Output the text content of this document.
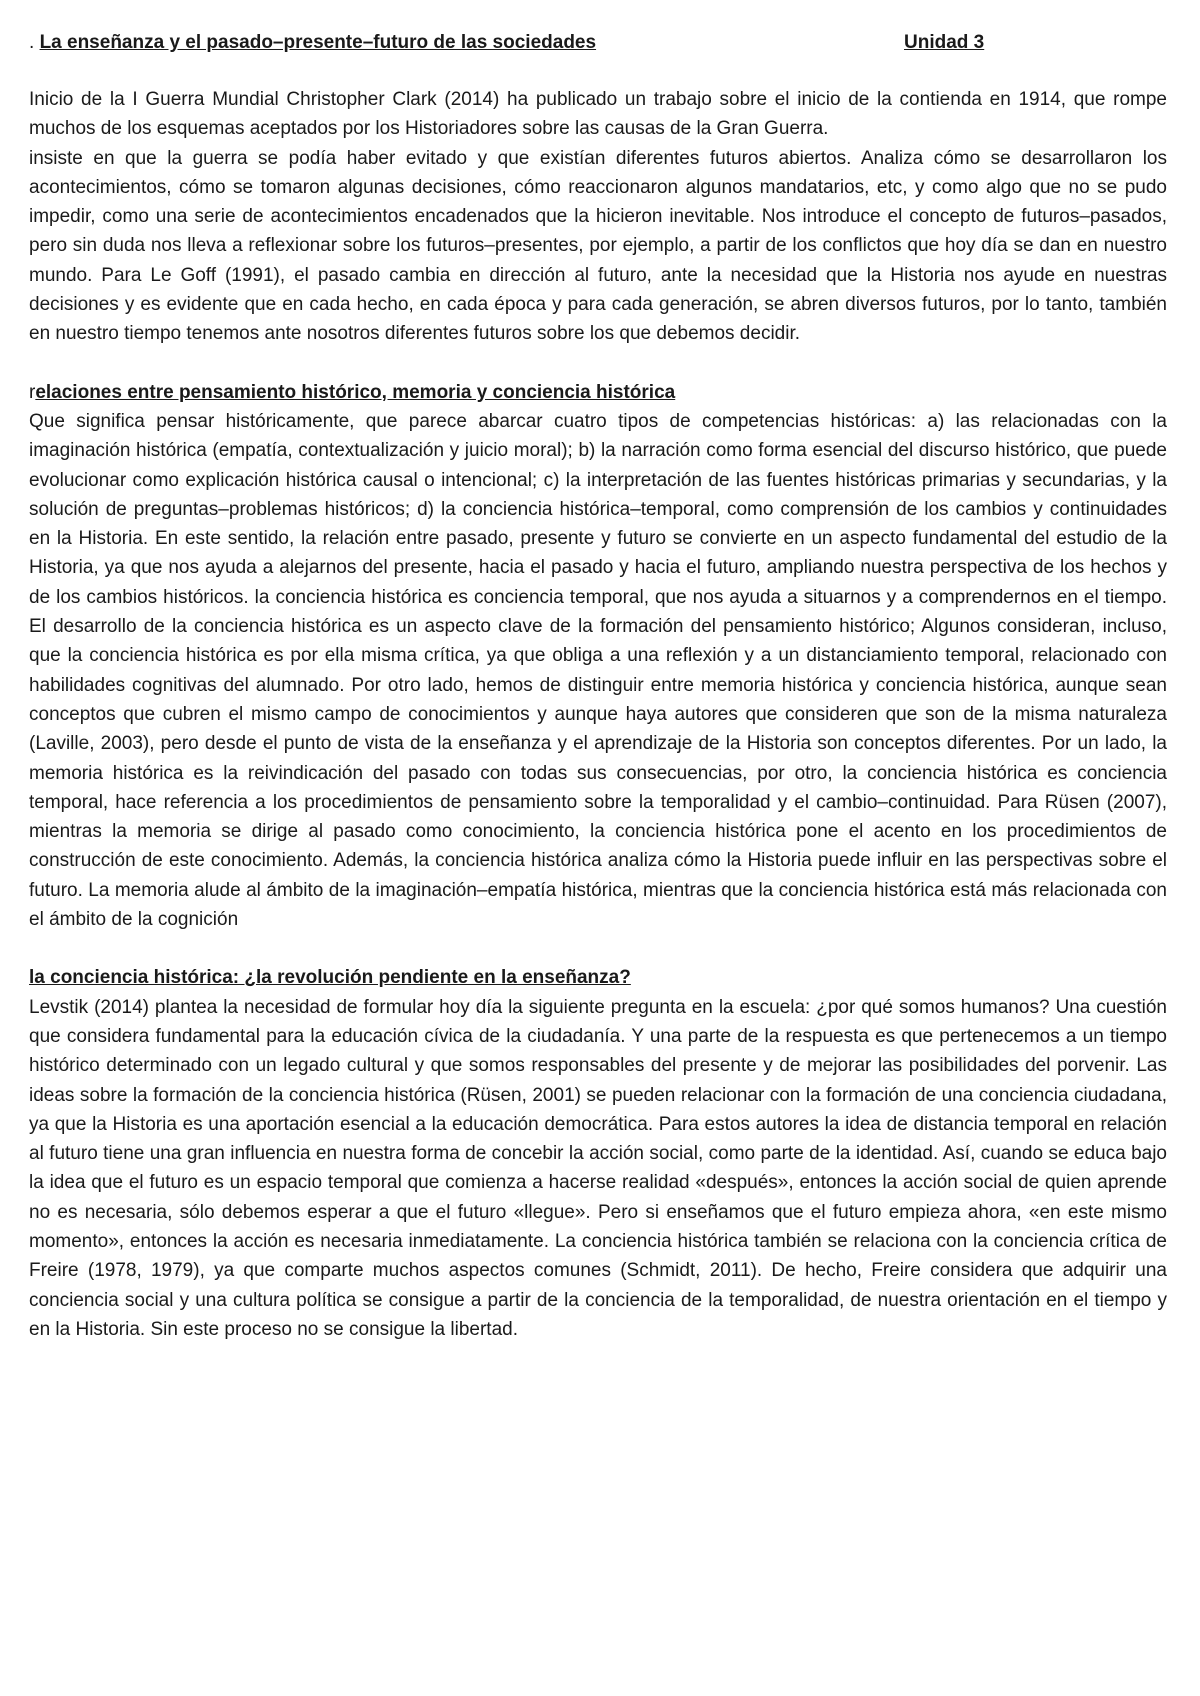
. La enseñanza y el pasado–presente–futuro de las sociedades	Unidad 3

Inicio de la I Guerra Mundial Christopher Clark (2014) ha publicado un trabajo sobre el inicio de la contienda en 1914, que rompe muchos de los esquemas aceptados por los Historiadores sobre las causas de la Gran Guerra.

insiste en que la guerra se podía haber evitado y que existían diferentes futuros abiertos. Analiza cómo se desarrollaron los acontecimientos, cómo se tomaron algunas decisiones, cómo reaccionaron algunos mandatarios, etc, y como algo que no se pudo impedir, como una serie de acontecimientos encadenados que la hicieron inevitable. Nos introduce el concepto de futuros–pasados, pero sin duda nos lleva a reflexionar sobre los futuros–presentes, por ejemplo, a partir de los conflictos que hoy día se dan en nuestro mundo. Para Le Goff (1991), el pasado cambia en dirección al futuro, ante la necesidad que la Historia nos ayude en nuestras decisiones y es evidente que en cada hecho, en cada época y para cada generación, se abren diversos futuros, por lo tanto, también en nuestro tiempo tenemos ante nosotros diferentes futuros sobre los que debemos decidir.

relaciones entre pensamiento histórico, memoria y conciencia histórica

Que significa pensar históricamente, que parece abarcar cuatro tipos de competencias históricas: a) las relacionadas con la imaginación histórica (empatía, contextualización y juicio moral); b) la narración como forma esencial del discurso histórico, que puede evolucionar como explicación histórica causal o intencional; c) la interpretación de las fuentes históricas primarias y secundarias, y la solución de preguntas–problemas históricos; d) la conciencia histórica–temporal, como comprensión de los cambios y continuidades en la Historia. En este sentido, la relación entre pasado, presente y futuro se convierte en un aspecto fundamental del estudio de la Historia, ya que nos ayuda a alejarnos del presente, hacia el pasado y hacia el futuro, ampliando nuestra perspectiva de los hechos y de los cambios históricos. la conciencia histórica es conciencia temporal, que nos ayuda a situarnos y a comprendernos en el tiempo. El desarrollo de la conciencia histórica es un aspecto clave de la formación del pensamiento histórico; Algunos consideran, incluso, que la conciencia histórica es por ella misma crítica, ya que obliga a una reflexión y a un distanciamiento temporal, relacionado con habilidades cognitivas del alumnado. Por otro lado, hemos de distinguir entre memoria histórica y conciencia histórica, aunque sean conceptos que cubren el mismo campo de conocimientos y aunque haya autores que consideren que son de la misma naturaleza (Laville, 2003), pero desde el punto de vista de la enseñanza y el aprendizaje de la Historia son conceptos diferentes. Por un lado, la memoria histórica es la reivindicación del pasado con todas sus consecuencias, por otro, la conciencia histórica es conciencia temporal, hace referencia a los procedimientos de pensamiento sobre la temporalidad y el cambio–continuidad. Para Rüsen (2007), mientras la memoria se dirige al pasado como conocimiento, la conciencia histórica pone el acento en los procedimientos de construcción de este conocimiento. Además, la conciencia histórica analiza cómo la Historia puede influir en las perspectivas sobre el futuro. La memoria alude al ámbito de la imaginación–empatía histórica, mientras que la conciencia histórica está más relacionada con el ámbito de la cognición

la conciencia histórica: ¿la revolución pendiente en la enseñanza?

Levstik (2014) plantea la necesidad de formular hoy día la siguiente pregunta en la escuela: ¿por qué somos humanos? Una cuestión que considera fundamental para la educación cívica de la ciudadanía. Y una parte de la respuesta es que pertenecemos a un tiempo histórico determinado con un legado cultural y que somos responsables del presente y de mejorar las posibilidades del porvenir. Las ideas sobre la formación de la conciencia histórica (Rüsen, 2001) se pueden relacionar con la formación de una conciencia ciudadana, ya que la Historia es una aportación esencial a la educación democrática. Para estos autores la idea de distancia temporal en relación al futuro tiene una gran influencia en nuestra forma de concebir la acción social, como parte de la identidad. Así, cuando se educa bajo la idea que el futuro es un espacio temporal que comienza a hacerse realidad «después», entonces la acción social de quien aprende no es necesaria, sólo debemos esperar a que el futuro «llegue». Pero si enseñamos que el futuro empieza ahora, «en este mismo momento», entonces la acción es necesaria inmediatamente. La conciencia histórica también se relaciona con la conciencia crítica de Freire (1978, 1979), ya que comparte muchos aspectos comunes (Schmidt, 2011). De hecho, Freire considera que adquirir una conciencia social y una cultura política se consigue a partir de la conciencia de la temporalidad, de nuestra orientación en el tiempo y en la Historia. Sin este proceso no se consigue la libertad.
